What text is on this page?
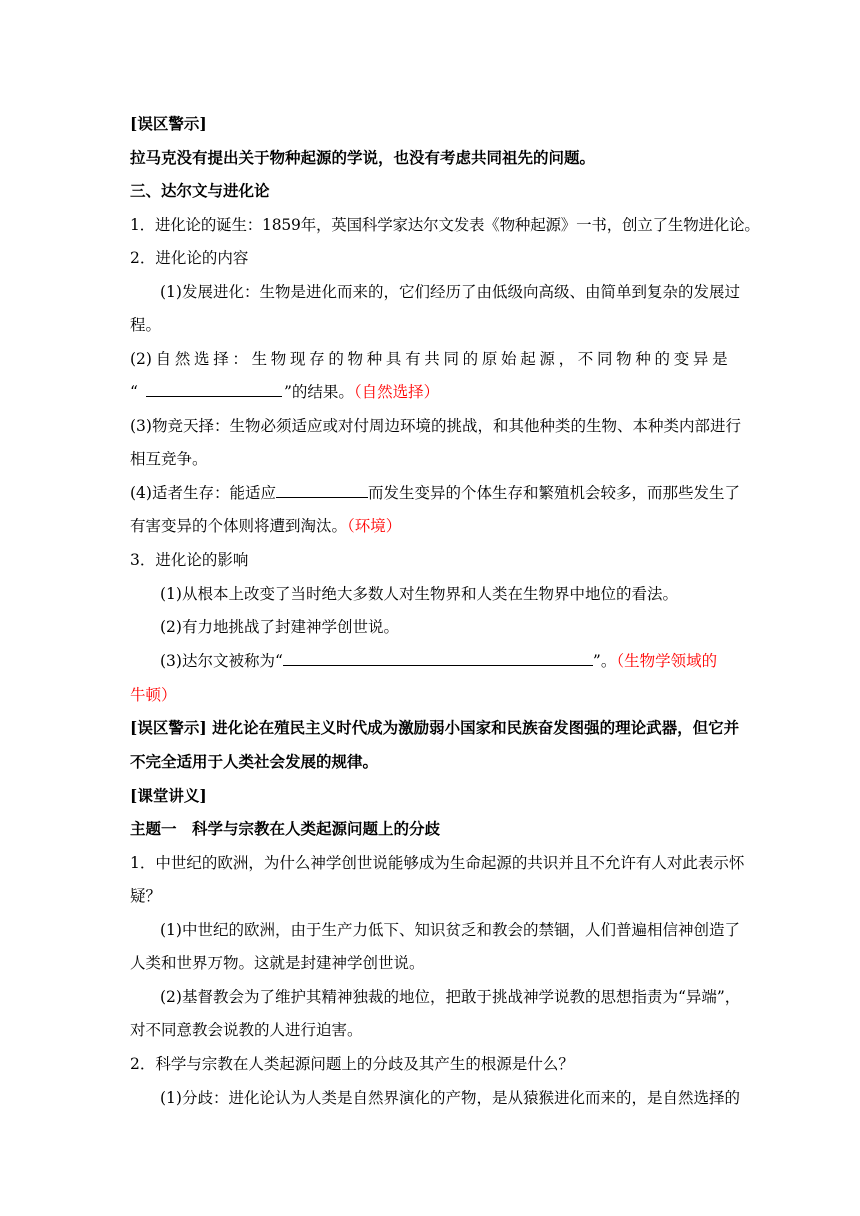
[误区警示]
拉马克没有提出关于物种起源的学说，也没有考虑共同祖先的问题。
三、达尔文与进化论
1．进化论的诞生：1859年，英国科学家达尔文发表《物种起源》一书，创立了生物进化论。
2．进化论的内容
(1)发展进化：生物是进化而来的，它们经历了由低级向高级、由简单到复杂的发展过
程。
(2) 自 然 选 择 ： 生 物 现 存 的 物 种 具 有 共 同 的 原 始 起 源 ， 不 同 物 种 的 变 异 是
“	”的结果。（自然选择）
(3)物竞天择：生物必须适应或对付周边环境的挑战，和其他种类的生物、本种类内部进行
相互竞争。
(4)适者生存：能适应	而发生变异的个体生存和繁殖机会较多，而那些发生了
有害变异的个体则将遭到淘汰。（环境）
3．进化论的影响
(1)从根本上改变了当时绝大多数人对生物界和人类在生物界中地位的看法。
(2)有力地挑战了封建神学创世说。
(3)达尔文被称为“	”。（生物学领域的
牛顿）
[误区警示] 进化论在殖民主义时代成为激励弱小国家和民族奋发图强的理论武器，但它并
不完全适用于人类社会发展的规律。
[课堂讲义]
主题一　科学与宗教在人类起源问题上的分歧
1．中世纪的欧洲，为什么神学创世说能够成为生命起源的共识并且不允许有人对此表示怀
疑？
(1)中世纪的欧洲，由于生产力低下、知识贫乏和教会的禁锢，人们普遍相信神创造了
人类和世界万物。这就是封建神学创世说。
(2)基督教会为了维护其精神独裁的地位，把敢于挑战神学说教的思想指责为“异端”，
对不同意教会说教的人进行迫害。
2．科学与宗教在人类起源问题上的分歧及其产生的根源是什么？
(1)分歧：进化论认为人类是自然界演化的产物，是从猿猴进化而来的，是自然选择的
